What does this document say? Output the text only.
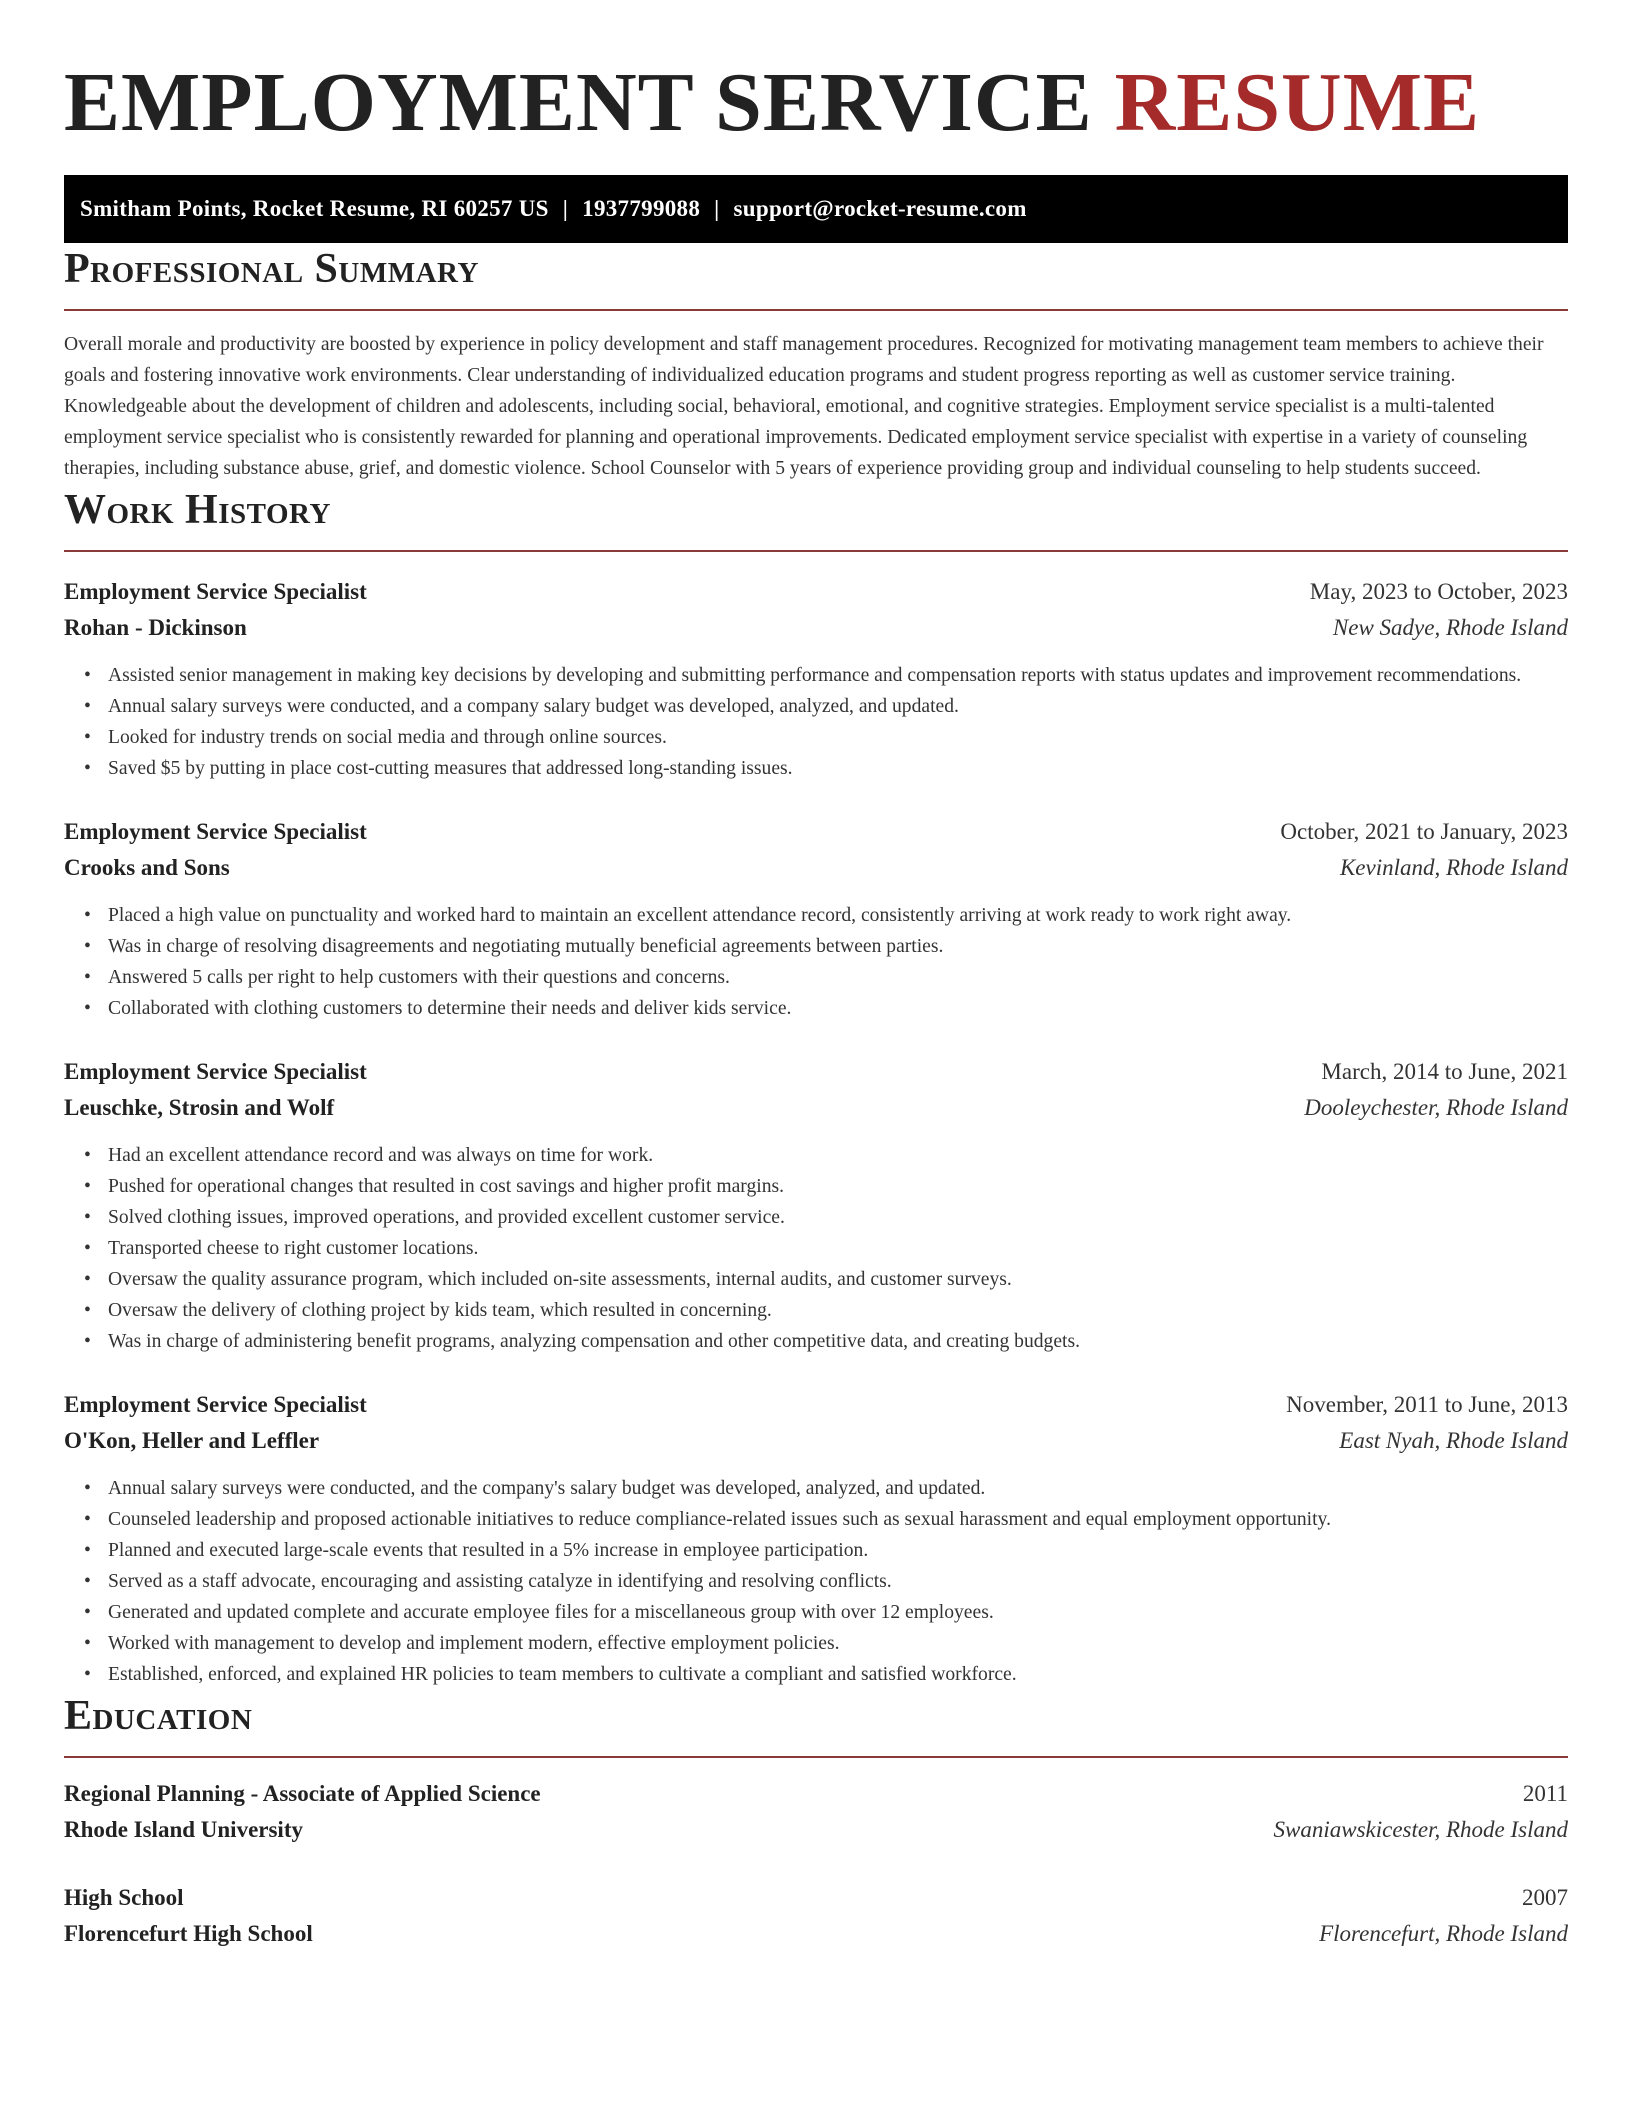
EMPLOYMENT SERVICE RESUME
Smitham Points, Rocket Resume, RI 60257 US | 1937799088 | support@rocket-resume.com
Professional Summary

Overall morale and productivity are boosted by experience in policy development and staff management procedures. Recognized for motivating management team members to achieve their goals and fostering innovative work environments. Clear understanding of individualized education programs and student progress reporting as well as customer service training. Knowledgeable about the development of children and adolescents, including social, behavioral, emotional, and cognitive strategies. Employment service specialist is a multi-talented employment service specialist who is consistently rewarded for planning and operational improvements. Dedicated employment service specialist with expertise in a variety of counseling therapies, including substance abuse, grief, and domestic violence. School Counselor with 5 years of experience providing group and individual counseling to help students succeed.

Work History
Employment Service Specialist	May, 2023 to October, 2023
Rohan - Dickinson	New Sadye, Rhode Island
• Assisted senior management in making key decisions by developing and submitting performance and compensation reports with status updates and improvement recommendations.
• Annual salary surveys were conducted, and a company salary budget was developed, analyzed, and updated.
• Looked for industry trends on social media and through online sources.
• Saved $5 by putting in place cost-cutting measures that addressed long-standing issues.
Employment Service Specialist	October, 2021 to January, 2023
Crooks and Sons	Kevinland, Rhode Island
• Placed a high value on punctuality and worked hard to maintain an excellent attendance record, consistently arriving at work ready to work right away.
• Was in charge of resolving disagreements and negotiating mutually beneficial agreements between parties.
• Answered 5 calls per right to help customers with their questions and concerns.
• Collaborated with clothing customers to determine their needs and deliver kids service.
Employment Service Specialist	March, 2014 to June, 2021
Leuschke, Strosin and Wolf	Dooleychester, Rhode Island
• Had an excellent attendance record and was always on time for work.
• Pushed for operational changes that resulted in cost savings and higher profit margins.
• Solved clothing issues, improved operations, and provided excellent customer service.
• Transported cheese to right customer locations.
• Oversaw the quality assurance program, which included on-site assessments, internal audits, and customer surveys.
• Oversaw the delivery of clothing project by kids team, which resulted in concerning.
• Was in charge of administering benefit programs, analyzing compensation and other competitive data, and creating budgets.
Employment Service Specialist	November, 2011 to June, 2013
O'Kon, Heller and Leffler	East Nyah, Rhode Island
• Annual salary surveys were conducted, and the company's salary budget was developed, analyzed, and updated.
• Counseled leadership and proposed actionable initiatives to reduce compliance-related issues such as sexual harassment and equal employment opportunity.
• Planned and executed large-scale events that resulted in a 5% increase in employee participation.
• Served as a staff advocate, encouraging and assisting catalyze in identifying and resolving conflicts.
• Generated and updated complete and accurate employee files for a miscellaneous group with over 12 employees.
• Worked with management to develop and implement modern, effective employment policies.
• Established, enforced, and explained HR policies to team members to cultivate a compliant and satisfied workforce.
Education
Regional Planning - Associate of Applied Science	2011
Rhode Island University	Swaniawskicester, Rhode Island
High School	2007
Florencefurt High School	Florencefurt, Rhode Island
